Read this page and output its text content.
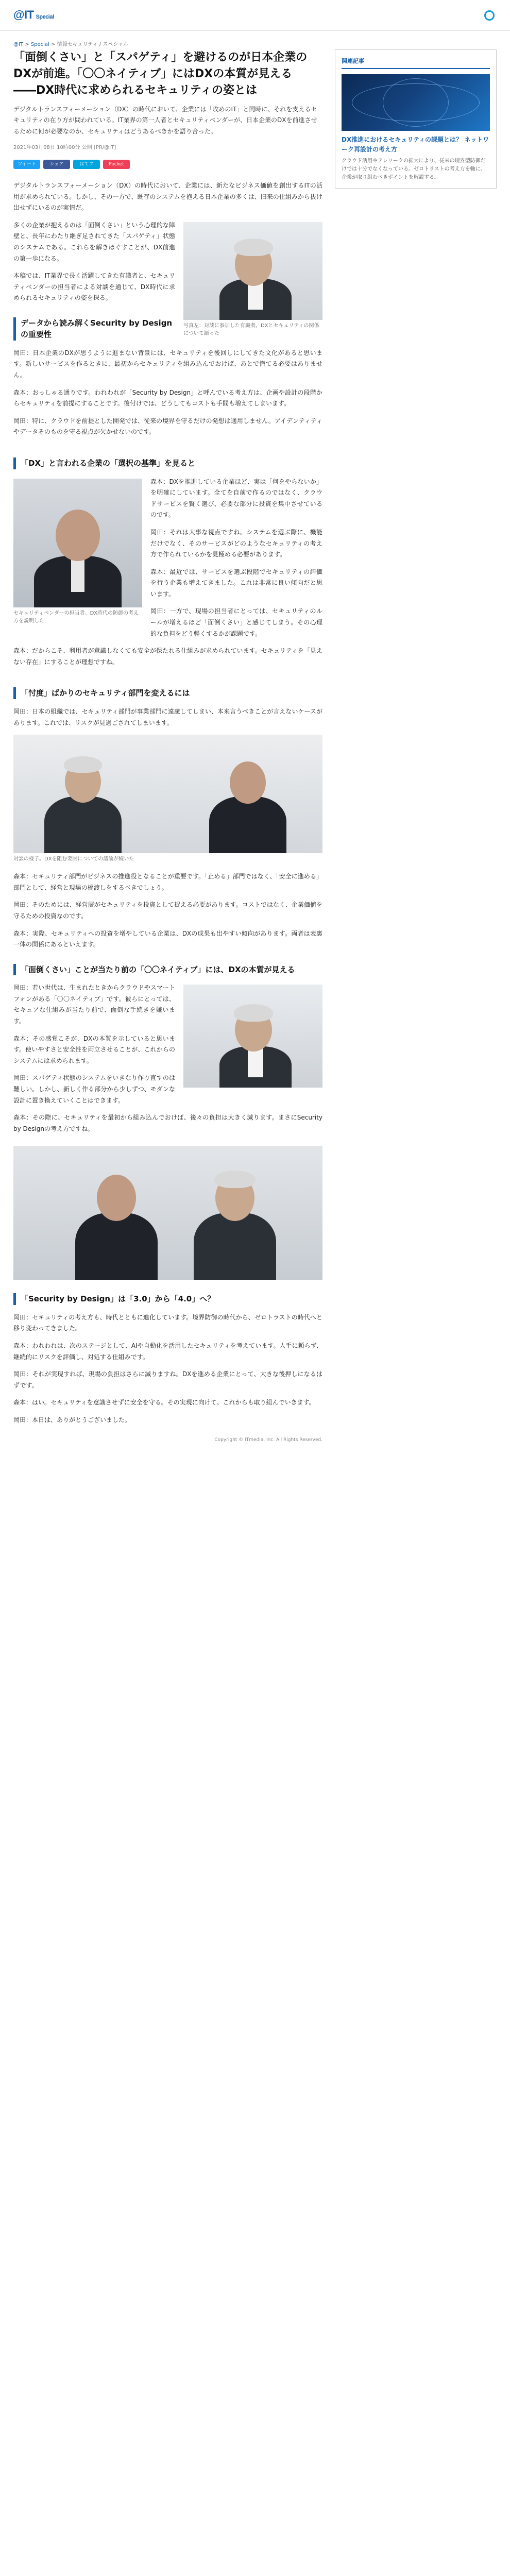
@IT Special
@IT > Special > 情報セキュリティ / スペシャル
「面倒くさい」と「スパゲティ」を避けるのが日本企業のDXが前進。「〇〇ネイティブ」にはDXの本質が見える――DX時代に求められるセキュリティの姿とは

デジタルトランスフォーメーション（DX）の時代において、企業には「攻めのIT」と同時に、それを支えるセキュリティの在り方が問われている。IT業界の第一人者とセキュリティベンダーが、日本企業のDXを前進させるために何が必要なのか、セキュリティはどうあるべきかを語り合った。

2021年03月08日 10時00分 公開 [PR/@IT]
ツイート	シェア	はてブ	Pocket

デジタルトランスフォーメーション（DX）の時代において、企業には、新たなビジネス価値を創出するITの活用が求められている。しかし、その一方で、既存のシステムを抱える日本企業の多くは、旧来の仕組みから抜け出せずにいるのが実情だ。

写真左：対談に参加した有識者。DXとセキュリティの関係について語った

多くの企業が抱えるのは「面倒くさい」という心理的な障壁と、長年にわたり継ぎ足されてきた「スパゲティ」状態のシステムである。これらを解きほぐすことが、DX前進の第一歩になる。

本稿では、IT業界で長く活躍してきた有識者と、セキュリティベンダーの担当者による対談を通じて、DX時代に求められるセキュリティの姿を探る。

データから読み解くSecurity by Designの重要性

岡田：日本企業のDXが思うように進まない背景には、セキュリティを後回しにしてきた文化があると思います。新しいサービスを作るときに、最初からセキュリティを組み込んでおけば、あとで慌てる必要はありません。

森本：おっしゃる通りです。われわれが「Security by Design」と呼んでいる考え方は、企画や設計の段階からセキュリティを前提にすることです。後付けでは、どうしてもコストも手間も増えてしまいます。

岡田：特に、クラウドを前提とした開発では、従来の境界を守るだけの発想は通用しません。アイデンティティやデータそのものを守る視点が欠かせないのです。

「DX」と言われる企業の「選択の基準」を見ると
セキュリティベンダーの担当者。DX時代の防御の考え方を説明した

森本：DXを推進している企業ほど、実は「何をやらないか」を明確にしています。全てを自前で作るのではなく、クラウドサービスを賢く選び、必要な部分に投資を集中させているのです。

岡田：それは大事な視点ですね。システムを選ぶ際に、機能だけでなく、そのサービスがどのようなセキュリティの考え方で作られているかを見極める必要があります。

森本：最近では、サービスを選ぶ段階でセキュリティの評価を行う企業も増えてきました。これは非常に良い傾向だと思います。

岡田：一方で、現場の担当者にとっては、セキュリティのルールが増えるほど「面倒くさい」と感じてしまう。その心理的な負担をどう軽くするかが課題です。

森本：だからこそ、利用者が意識しなくても安全が保たれる仕組みが求められています。セキュリティを「見えない存在」にすることが理想ですね。

「忖度」ばかりのセキュリティ部門を変えるには

岡田：日本の組織では、セキュリティ部門が事業部門に遠慮してしまい、本来言うべきことが言えないケースがあります。これでは、リスクが見過ごされてしまいます。

対談の様子。DXを阻む要因についての議論が続いた

森本：セキュリティ部門がビジネスの推進役となることが重要です。「止める」部門ではなく、「安全に進める」部門として、経営と現場の橋渡しをするべきでしょう。

岡田：そのためには、経営層がセキュリティを投資として捉える必要があります。コストではなく、企業価値を守るための投資なのです。

森本：実際、セキュリティへの投資を増やしている企業は、DXの成果も出やすい傾向があります。両者は表裏一体の関係にあるといえます。

「面倒くさい」ことが当たり前の「〇〇ネイティブ」には、DXの本質が見える

岡田：若い世代は、生まれたときからクラウドやスマートフォンがある「〇〇ネイティブ」です。彼らにとっては、セキュアな仕組みが当たり前で、面倒な手続きを嫌います。

森本：その感覚こそが、DXの本質を示していると思います。使いやすさと安全性を両立させることが、これからのシステムには求められます。

岡田：スパゲティ状態のシステムをいきなり作り直すのは難しい。しかし、新しく作る部分から少しずつ、モダンな設計に置き換えていくことはできます。

森本：その際に、セキュリティを最初から組み込んでおけば、後々の負担は大きく減ります。まさにSecurity by Designの考え方ですね。

「Security by Design」は「3.0」から「4.0」へ？

岡田：セキュリティの考え方も、時代とともに進化しています。境界防御の時代から、ゼロトラストの時代へと移り変わってきました。

森本：われわれは、次のステージとして、AIや自動化を活用したセキュリティを考えています。人手に頼らず、継続的にリスクを評価し、対処する仕組みです。

岡田：それが実現すれば、現場の負担はさらに減りますね。DXを進める企業にとって、大きな後押しになるはずです。

森本：はい。セキュリティを意識させずに安全を守る。その実現に向けて、これからも取り組んでいきます。

岡田：本日は、ありがとうございました。

Copyright © ITmedia, Inc. All Rights Reserved.
関連記事
DX推進におけるセキュリティの課題とは？ ネットワーク再設計の考え方
クラウド活用やテレワークの拡大により、従来の境界型防御だけでは十分でなくなっている。ゼロトラストの考え方を軸に、企業が取り組むべきポイントを解説する。
